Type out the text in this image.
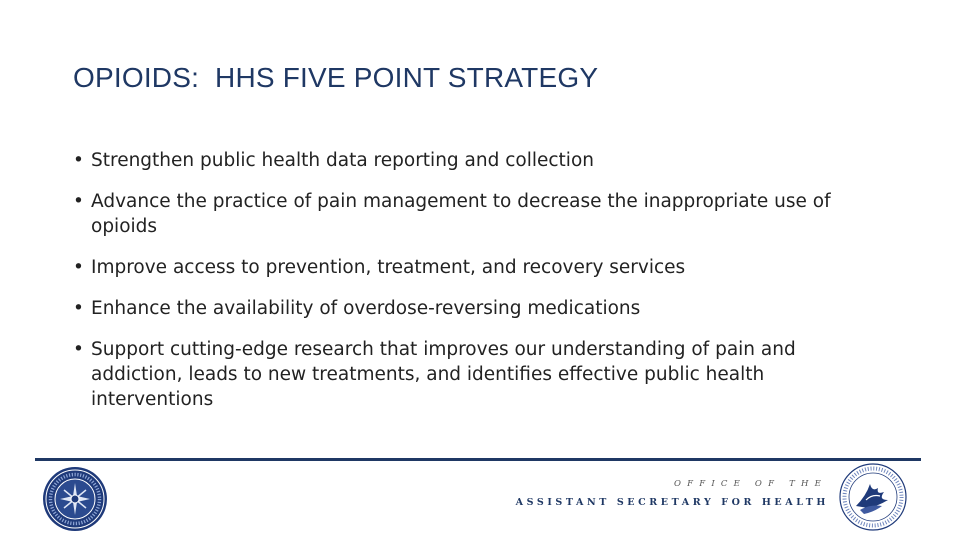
OPIOIDS:  HHS FIVE POINT STRATEGY
• Strengthen public health data reporting and collection
• Advance the practice of pain management to decrease the inappropriate use of opioids
• Improve access to prevention, treatment, and recovery services
• Enhance the availability of overdose-reversing medications
• Support cutting-edge research that improves our understanding of pain and addiction, leads to new treatments, and identifies effective public health interventions
OFFICE OF THE
ASSISTANT SECRETARY FOR HEALTH
